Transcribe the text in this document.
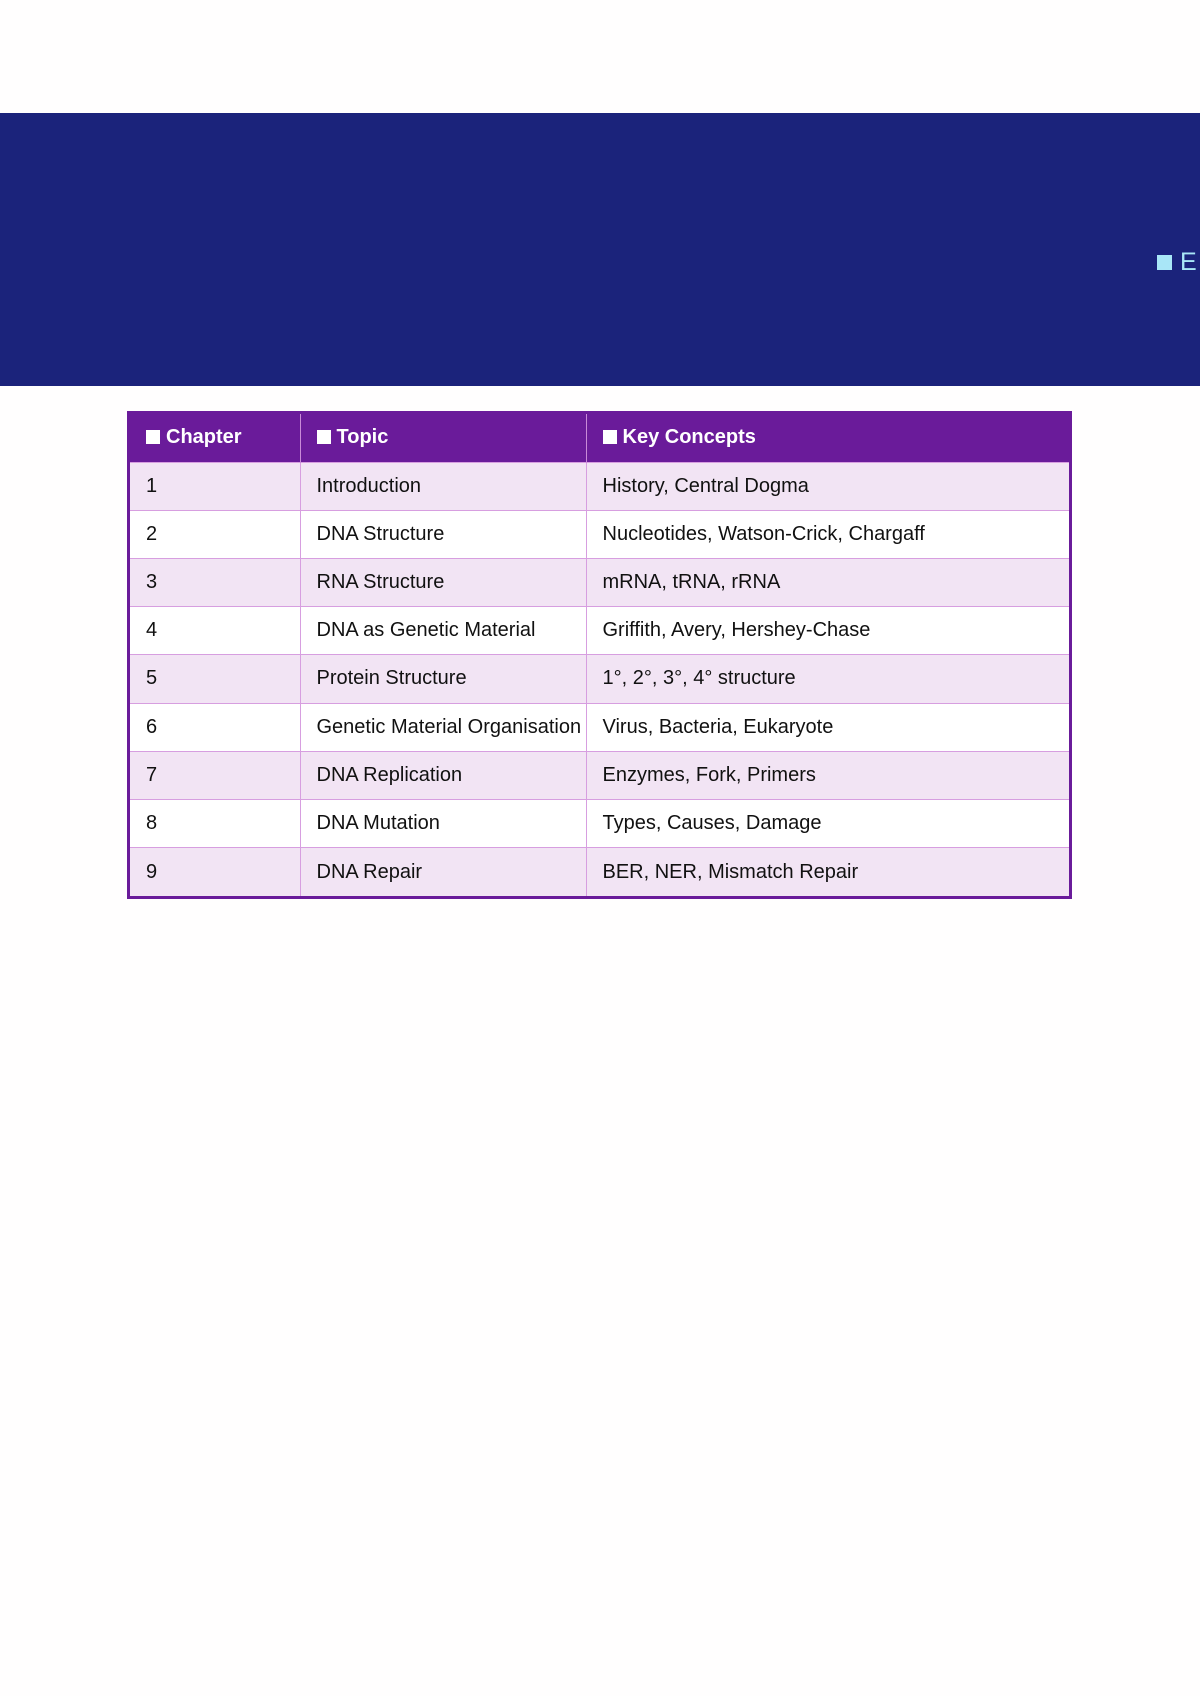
E
Chapter	Topic	Key Concepts
1	Introduction	History, Central Dogma
2	DNA Structure	Nucleotides, Watson-Crick, Chargaff
3	RNA Structure	mRNA, tRNA, rRNA
4	DNA as Genetic Material	Griffith, Avery, Hershey-Chase
5	Protein Structure	1°, 2°, 3°, 4° structure
6	Genetic Material Organisation	Virus, Bacteria, Eukaryote
7	DNA Replication	Enzymes, Fork, Primers
8	DNA Mutation	Types, Causes, Damage
9	DNA Repair	BER, NER, Mismatch Repair
